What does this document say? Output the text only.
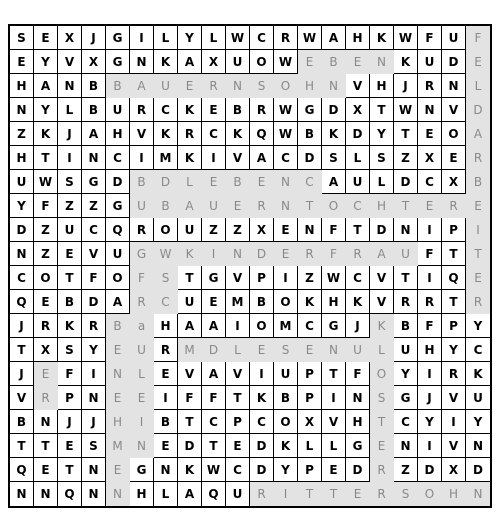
S	E	X	J	G	I	L	Y	L	W	C	R	W	A	H	K	W	F	U	F
E	Y	V	X	G	N	K	A	X	U	O	W	E	B	E	N	K	U	D	E
H	A	N	B	B	A	U	E	R	N	S	O	H	N	V	H	J	R	N	L
N	Y	L	B	U	R	C	K	E	B	R	W	G	D	X	T	W	N	V	D
Z	K	J	A	H	V	K	R	C	K	Q	W	B	K	D	Y	T	E	O	A
H	T	I	N	C	I	M	K	I	V	A	C	D	S	L	S	Z	X	E	R
U	W	S	G	D	B	D	L	E	B	E	N	C	A	U	L	D	C	X	B
Y	F	Z	Z	G	U	B	A	U	E	R	N	T	O	C	H	T	E	R	E
D	Z	U	C	Q	R	O	U	Z	Z	X	E	N	F	T	D	N	I	P	I
N	Z	E	V	U	G	W	K	I	N	D	E	R	F	R	A	U	F	T	T
C	O	T	F	O	F	S	T	G	V	P	I	Z	W	C	V	T	I	Q	E
Q	E	B	D	A	R	C	U	E	M	B	O	K	H	K	V	R	R	T	R
J	R	K	R	B	a	H	A	A	I	O	M	C	G	J	K	B	F	P	Y
T	X	S	Y	E	U	R	M	D	L	E	S	E	N	U	L	U	H	Y	C
J	E	F	I	N	L	E	V	A	V	I	U	P	T	F	O	Y	I	R	K
V	R	P	N	E	E	I	F	F	T	K	B	P	I	N	S	G	J	V	U
B	N	J	J	H	I	B	T	C	P	C	O	X	V	H	T	C	Y	I	Y
T	T	E	S	M	N	E	D	T	E	D	K	L	L	G	E	N	I	V	N
Q	E	T	N	E	G	N	K	W	C	D	Y	P	E	D	R	Z	D	X	D
N	N	Q	N	N	H	L	A	Q	U	R	I	T	T	E	R	S	O	H	N
